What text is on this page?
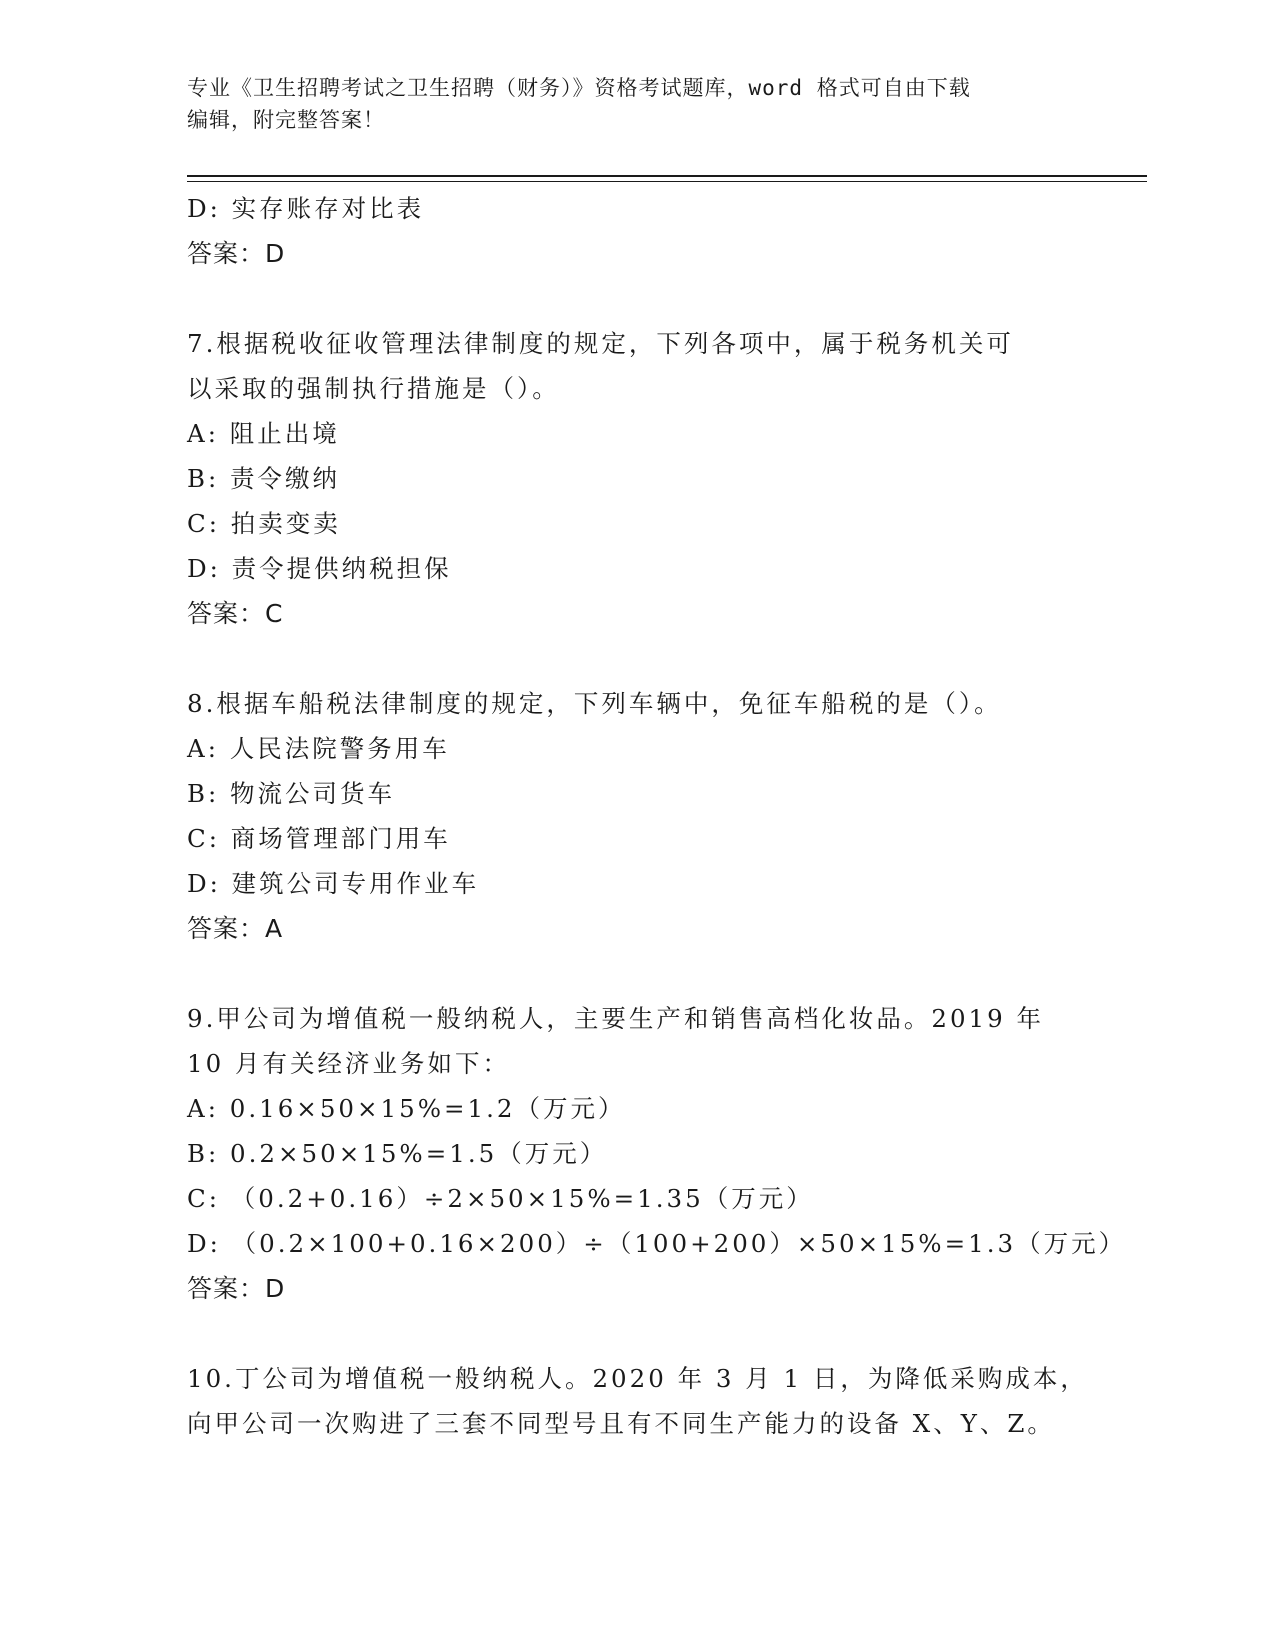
专业《卫生招聘考试之卫生招聘（财务）》资格考试题库，word 格式可自由下载
编辑，附完整答案！
D: 实存账存对比表
答案：D
7.根据税收征收管理法律制度的规定，下列各项中，属于税务机关可
以采取的强制执行措施是（）。
A: 阻止出境
B: 责令缴纳
C: 拍卖变卖
D: 责令提供纳税担保
答案：C
8.根据车船税法律制度的规定，下列车辆中，免征车船税的是（）。
A: 人民法院警务用车
B: 物流公司货车
C: 商场管理部门用车
D: 建筑公司专用作业车
答案：A
9.甲公司为增值税一般纳税人，主要生产和销售高档化妆品。2019 年
10 月有关经济业务如下：
A: 0.16×50×15%=1.2（万元）
B: 0.2×50×15%=1.5（万元）
C: （0.2+0.16）÷2×50×15%=1.35（万元）
D: （0.2×100+0.16×200）÷（100+200）×50×15%=1.3（万元）
答案：D
10.丁公司为增值税一般纳税人。2020 年 3 月 1 日，为降低采购成本，
向甲公司一次购进了三套不同型号且有不同生产能力的设备 X、Y、Z。
